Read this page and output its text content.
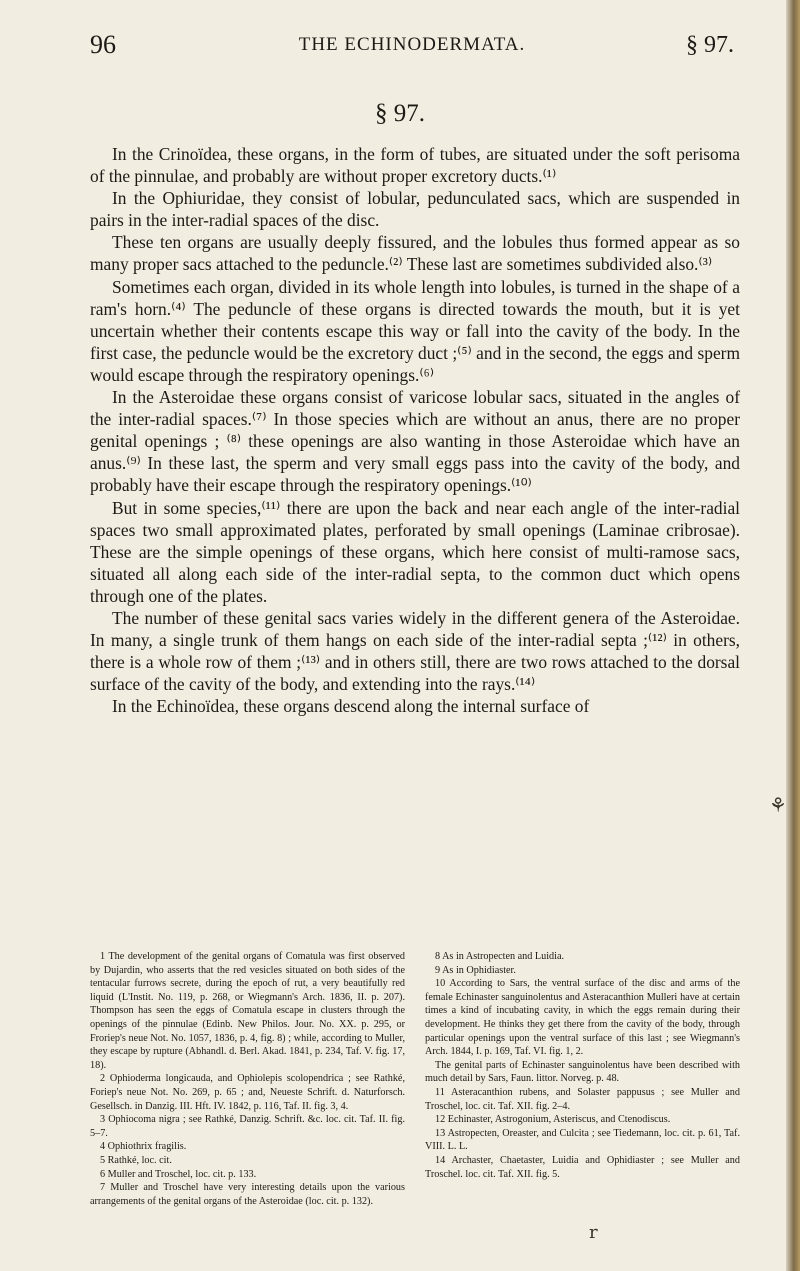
96	THE ECHINODERMATA.	§ 97.
§ 97.

In the Crinoïdea, these organs, in the form of tubes, are situated under the soft perisoma of the pinnulae, and probably are without proper excretory ducts.⁽¹⁾

In the Ophiuridae, they consist of lobular, pedunculated sacs, which are suspended in pairs in the inter-radial spaces of the disc.

These ten organs are usually deeply fissured, and the lobules thus formed appear as so many proper sacs attached to the peduncle.⁽²⁾ These last are sometimes subdivided also.⁽³⁾

Sometimes each organ, divided in its whole length into lobules, is turned in the shape of a ram's horn.⁽⁴⁾ The peduncle of these organs is directed towards the mouth, but it is yet uncertain whether their contents escape this way or fall into the cavity of the body. In the first case, the peduncle would be the excretory duct ;⁽⁵⁾ and in the second, the eggs and sperm would escape through the respiratory openings.⁽⁶⁾

In the Asteroidae these organs consist of varicose lobular sacs, situated in the angles of the inter-radial spaces.⁽⁷⁾ In those species which are without an anus, there are no proper genital openings ; ⁽⁸⁾ these openings are also wanting in those Asteroidae which have an anus.⁽⁹⁾ In these last, the sperm and very small eggs pass into the cavity of the body, and probably have their escape through the respiratory openings.⁽¹⁰⁾

But in some species,⁽¹¹⁾ there are upon the back and near each angle of the inter-radial spaces two small approximated plates, perforated by small openings (Laminae cribrosae). These are the simple openings of these organs, which here consist of multi-ramose sacs, situated all along each side of the inter-radial septa, to the common duct which opens through one of the plates.

The number of these genital sacs varies widely in the different genera of the Asteroidae. In many, a single trunk of them hangs on each side of the inter-radial septa ;⁽¹²⁾ in others, there is a whole row of them ;⁽¹³⁾ and in others still, there are two rows attached to the dorsal surface of the cavity of the body, and extending into the rays.⁽¹⁴⁾

In the Echinoïdea, these organs descend along the internal surface of

1 The development of the genital organs of Comatula was first observed by Dujardin, who asserts that the red vesicles situated on both sides of the tentacular furrows secrete, during the epoch of rut, a very beautifully red liquid (L'Instit. No. 119, p. 268, or Wiegmann's Arch. 1836, II. p. 207). Thompson has seen the eggs of Comatula escape in clusters through the openings of the pinnulae (Edinb. New Philos. Jour. No. XX. p. 295, or Froriep's neue Not. No. 1057, 1836, p. 4, fig. 8) ; while, according to Muller, they escape by rupture (Abhandl. d. Berl. Akad. 1841, p. 234, Taf. V. fig. 17, 18).

2 Ophioderma longicauda, and Ophiolepis scolopendrica ; see Rathké, Foriep's neue Not. No. 269, p. 65 ; and, Neueste Schrift. d. Naturforsch. Gesellsch. in Danzig. III. Hft. IV. 1842, p. 116, Taf. II. fig. 3, 4.

3 Ophiocoma nigra ; see Rathké, Danzig. Schrift. &c. loc. cit. Taf. II. fig. 5–7.

4 Ophiothrix fragilis.

5 Rathké, loc. cit.

6 Muller and Troschel, loc. cit. p. 133.

7 Muller and Troschel have very interesting details upon the various arrangements of the genital organs of the Asteroidae (loc. cit. p. 132).

8 As in Astropecten and Luidia.

9 As in Ophidiaster.

10 According to Sars, the ventral surface of the disc and arms of the female Echinaster sanguinolentus and Asteracanthion Mulleri have at certain times a kind of incubating cavity, in which the eggs remain during their development. He thinks they get there from the cavity of the body, through particular openings upon the ventral surface of this last ; see Wiegmann's Arch. 1844, I. p. 169, Taf. VI. fig. 1, 2.

The genital parts of Echinaster sanguinolentus have been described with much detail by Sars, Faun. littor. Norveg. p. 48.

11 Asteracanthion rubens, and Solaster pappusus ; see Muller and Troschel, loc. cit. Taf. XII. fig. 2–4.

12 Echinaster, Astrogonium, Asteriscus, and Ctenodiscus.

13 Astropecten, Oreaster, and Culcita ; see Tiedemann, loc. cit. p. 61, Taf. VIII. L. L.

14 Archaster, Chaetaster, Luidia and Ophidiaster ; see Muller and Troschel. loc. cit. Taf. XII. fig. 5.

⚘
r
